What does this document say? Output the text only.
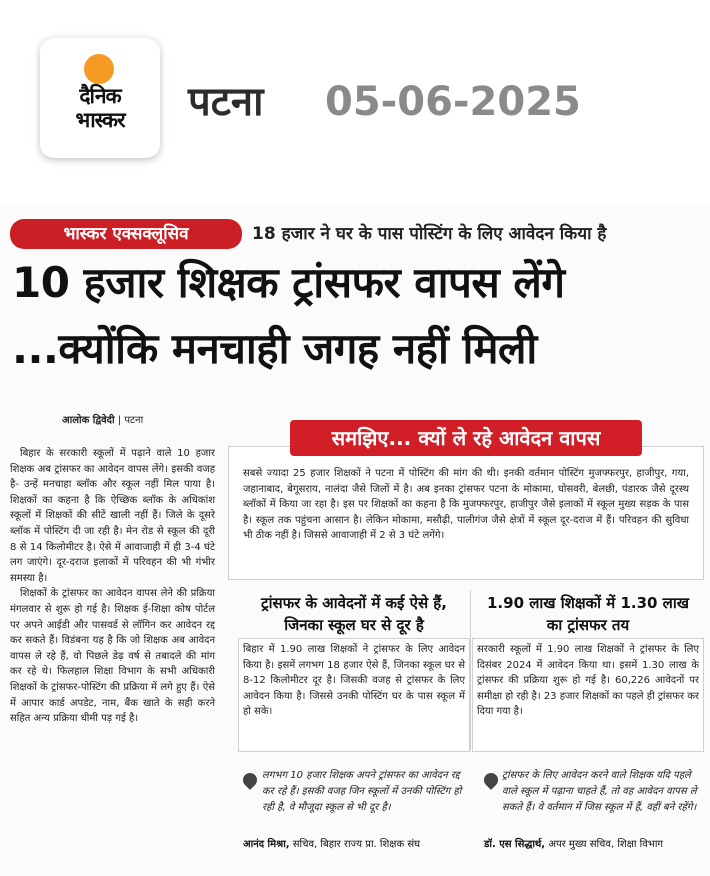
दैनिक
भास्कर	पटना 05-06-2025
भास्कर एक्सक्लूसिव	18 हजार ने घर के पास पोस्टिंग के लिए आवेदन किया है
10 हजार शिक्षक ट्रांसफर वापस लेंगे
...क्योंकि मनचाही जगह नहीं मिली
आलोक द्विवेदी | पटना

बिहार के सरकारी स्कूलों में पढ़ाने वाले 10 हजार शिक्षक अब ट्रांसफर का आवेदन वापस लेंगे। इसकी वजह है- उन्हें मनचाहा ब्लॉक और स्कूल नहीं मिल पाया है। शिक्षकों का कहना है कि ऐच्छिक ब्लॉक के अधिकांश स्कूलों में शिक्षकों की सीटें खाली नहीं हैं। जिले के दूसरे ब्लॉक में पोस्टिंग दी जा रही है। मेन रोड से स्कूल की दूरी 8 से 14 किलोमीटर है। ऐसे में आवाजाही में ही 3-4 घंटे लग जाएंगे। दूर-दराज इलाकों में परिवहन की भी गंभीर समस्या है।

शिक्षकों के ट्रांसफर का आवेदन वापस लेने की प्रक्रिया मंगलवार से शुरू हो गई है। शिक्षक ई-शिक्षा कोष पोर्टल पर अपने आईडी और पासवर्ड से लॉगिन कर आवेदन रद्द कर सकते हैं। विडंबना यह है कि जो शिक्षक अब आवेदन वापस ले रहे हैं, वो पिछले डेढ़ वर्ष से तबादले की मांग कर रहे थे। फिलहाल शिक्षा विभाग के सभी अधिकारी शिक्षकों के ट्रांसफर-पोस्टिंग की प्रक्रिया में लगे हुए हैं। ऐसे में आपार कार्ड अपडेट, नाम, बैंक खाते के सही करने सहित अन्य प्रक्रिया धीमी पड़ गई है।

समझिए... क्यों ले रहे आवेदन वापस
सबसे ज्यादा 25 हजार शिक्षकों ने पटना में पोस्टिंग की मांग की थी। इनकी वर्तमान पोस्टिंग मुजफ्फरपुर, हाजीपुर, गया, जहानाबाद, बेगूसराय, नालंदा जैसे जिलों में है। अब इनका ट्रांसफर पटना के मोकामा, घोसवरी, बेलछी, पंडारक जैसे दूरस्थ ब्लॉकों में किया जा रहा है। इस पर शिक्षकों का कहना है कि मुजफ्फरपुर, हाजीपुर जैसे इलाकों में स्कूल मुख्य सड़क के पास है। स्कूल तक पहुंचना आसान है। लेकिन मोकामा, मसौढ़ी, पालीगंज जैसे क्षेत्रों में स्कूल दूर-दराज में हैं। परिवहन की सुविधा भी ठीक नहीं है। जिससे आवाजाही में 2 से 3 घंटे लगेंगे।
ट्रांसफर के आवेदनों में कई ऐसे हैं, जिनका स्कूल घर से दूर है
1.90 लाख शिक्षकों में 1.30 लाख का ट्रांसफर तय
बिहार में 1.90 लाख शिक्षकों ने ट्रांसफर के लिए आवेदन किया है। इसमें लगभग 18 हजार ऐसे हैं, जिनका स्कूल घर से 8-12 किलोमीटर दूर है। जिसकी वजह से ट्रांसफर के लिए आवेदन किया है। जिससे उनकी पोस्टिंग घर के पास स्कूल में हो सके।
सरकारी स्कूलों में 1.90 लाख शिक्षकों ने ट्रांसफर के लिए दिसंबर 2024 में आवेदन किया था। इसमें 1.30 लाख के ट्रांसफर की प्रक्रिया शुरू हो गई है। 60,226 आवेदनों पर समीक्षा हो रही है। 23 हजार शिक्षकों का पहले ही ट्रांसफर कर दिया गया है।
लगभग 10 हजार शिक्षक अपने ट्रांसफर का आवेदन रद्द कर रहे हैं। इसकी वजह जिन स्कूलों में उनकी पोस्टिंग हो रही है, वे मौजूदा स्कूल से भी दूर है।
आनंद मिश्रा, सचिव, बिहार राज्य प्रा. शिक्षक संघ
ट्रांसफर के लिए आवेदन करने वाले शिक्षक यदि पहले वाले स्कूल में पढ़ाना चाहते हैं, तो वह आवेदन वापस ले सकते हैं। वे वर्तमान में जिस स्कूल में हैं, वहीं बने रहेंगे।
डॉ. एस सिद्धार्थ, अपर मुख्य सचिव, शिक्षा विभाग
